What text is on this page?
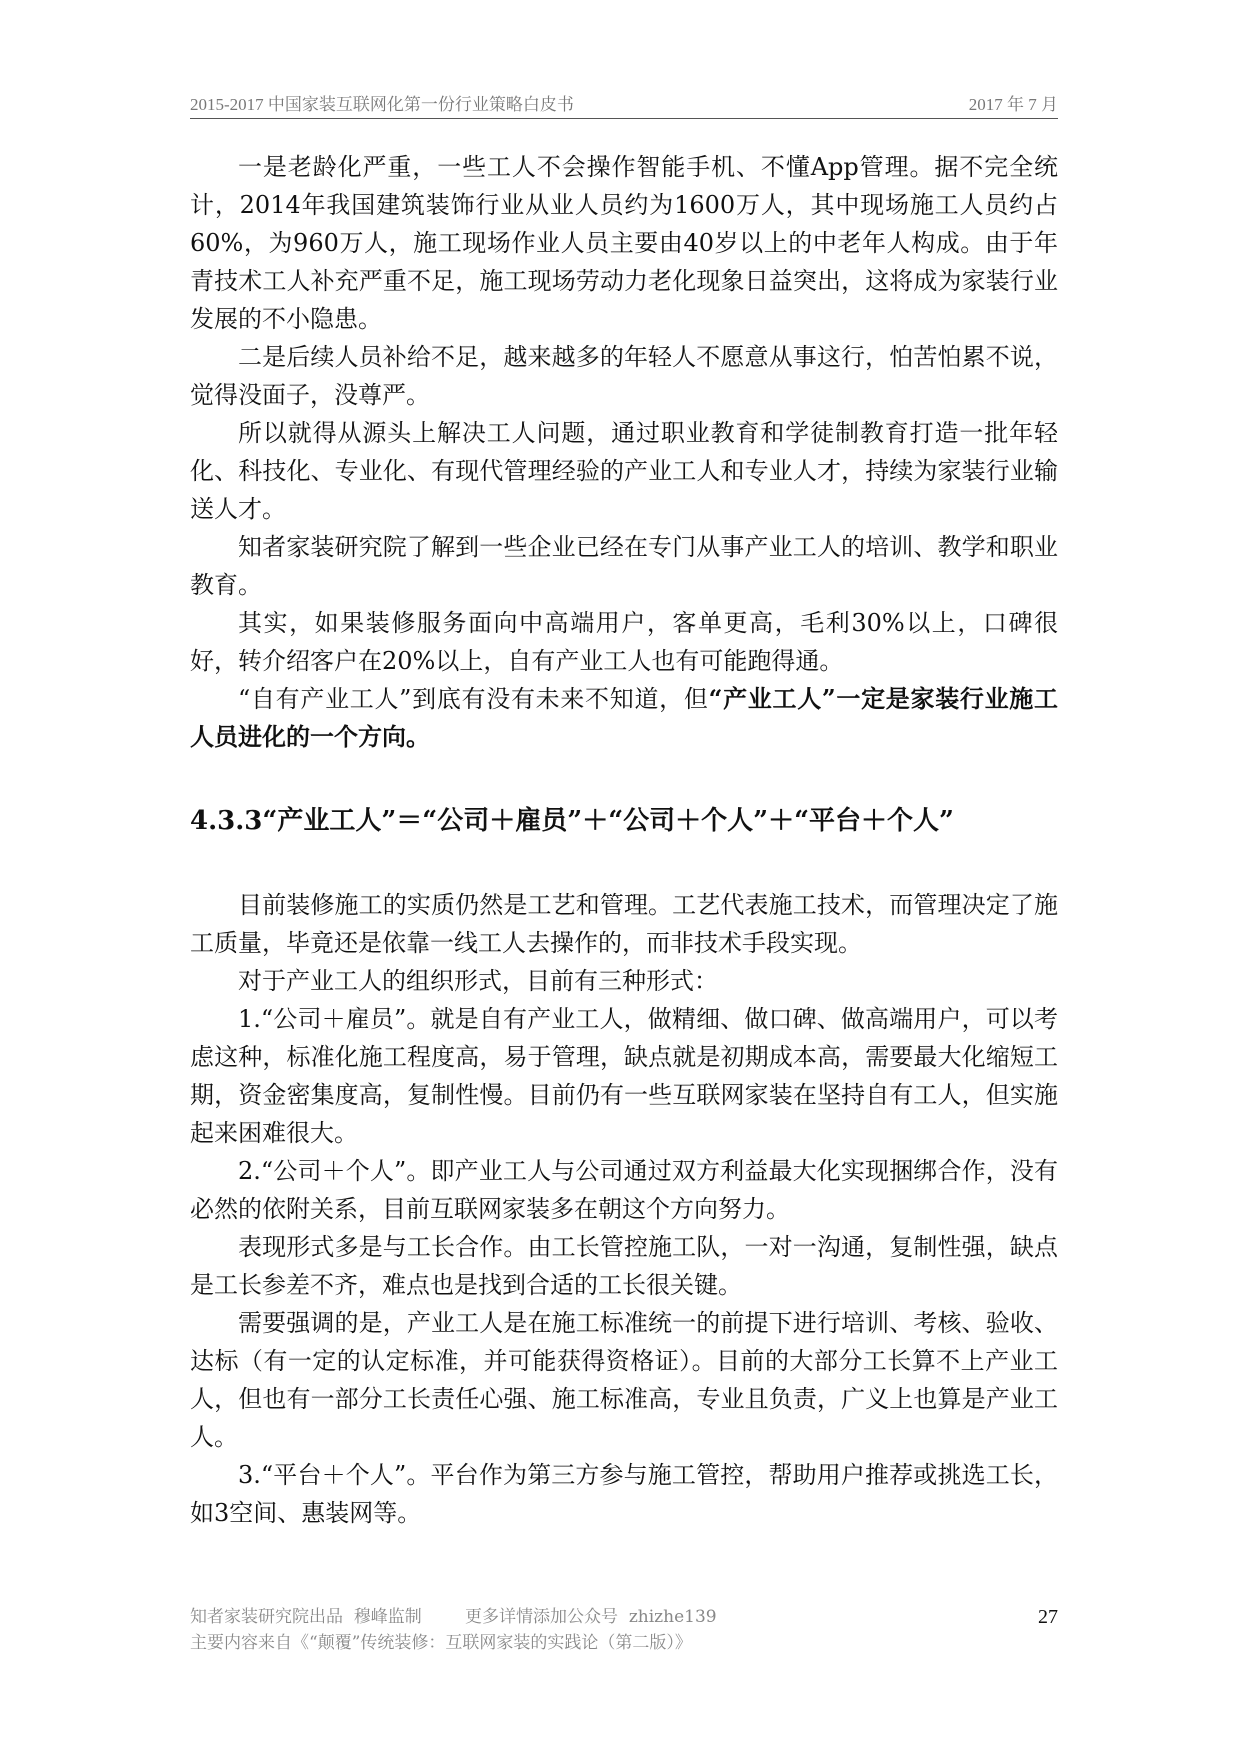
2015-2017 中国家装互联网化第一份行业策略白皮书	2017 年 7 月

一是老龄化严重，一些工人不会操作智能手机、不懂App管理。据不完全统计，2014年我国建筑装饰行业从业人员约为1600万人，其中现场施工人员约占60%，为960万人，施工现场作业人员主要由40岁以上的中老年人构成。由于年青技术工人补充严重不足，施工现场劳动力老化现象日益突出，这将成为家装行业发展的不小隐患。

二是后续人员补给不足，越来越多的年轻人不愿意从事这行，怕苦怕累不说，觉得没面子，没尊严。

所以就得从源头上解决工人问题，通过职业教育和学徒制教育打造一批年轻化、科技化、专业化、有现代管理经验的产业工人和专业人才，持续为家装行业输送人才。

知者家装研究院了解到一些企业已经在专门从事产业工人的培训、教学和职业教育。

其实，如果装修服务面向中高端用户，客单更高，毛利30%以上，口碑很好，转介绍客户在20%以上，自有产业工人也有可能跑得通。

“自有产业工人”到底有没有未来不知道，但“产业工人”一定是家装行业施工人员进化的一个方向。

4.3.3“产业工人”＝“公司＋雇员”＋“公司＋个人”＋“平台＋个人”

目前装修施工的实质仍然是工艺和管理。工艺代表施工技术，而管理决定了施工质量，毕竟还是依靠一线工人去操作的，而非技术手段实现。

对于产业工人的组织形式，目前有三种形式：

1.“公司＋雇员”。就是自有产业工人，做精细、做口碑、做高端用户，可以考虑这种，标准化施工程度高，易于管理，缺点就是初期成本高，需要最大化缩短工期，资金密集度高，复制性慢。目前仍有一些互联网家装在坚持自有工人，但实施起来困难很大。

2.“公司＋个人”。即产业工人与公司通过双方利益最大化实现捆绑合作，没有必然的依附关系，目前互联网家装多在朝这个方向努力。

表现形式多是与工长合作。由工长管控施工队，一对一沟通，复制性强，缺点是工长参差不齐，难点也是找到合适的工长很关键。

需要强调的是，产业工人是在施工标准统一的前提下进行培训、考核、验收、达标（有一定的认定标准，并可能获得资格证）。目前的大部分工长算不上产业工人，但也有一部分工长责任心强、施工标准高，专业且负责，广义上也算是产业工人。

3.“平台＋个人”。平台作为第三方参与施工管控，帮助用户推荐或挑选工长，如3空间、惠装网等。

知者家装研究院出品  穆峰监制        更多详情添加公众号  zhizhe139
主要内容来自《“颠覆”传统装修：互联网家装的实践论（第二版）》
27
